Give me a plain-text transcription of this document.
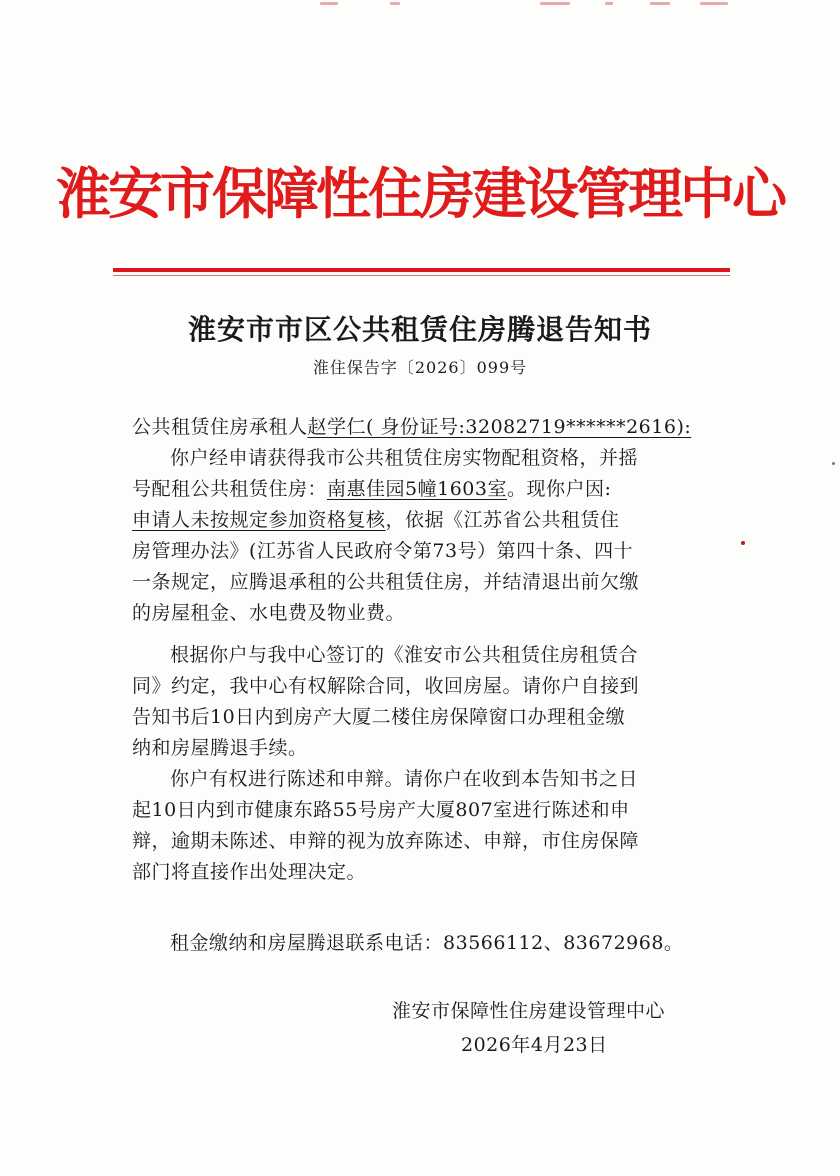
淮安市保障性住房建设管理中心
淮安市市区公共租赁住房腾退告知书
淮住保告字〔2026〕099号
公共租赁住房承租人赵学仁( 身份证号:32082719******2616):
你户经申请获得我市公共租赁住房实物配租资格，并摇
号配租公共租赁住房：南惠佳园5幢1603室。现你户因:
申请人未按规定参加资格复核，依据《江苏省公共租赁住
房管理办法》(江苏省人民政府令第73号）第四十条、四十
一条规定，应腾退承租的公共租赁住房，并结清退出前欠缴
的房屋租金、水电费及物业费。
根据你户与我中心签订的《淮安市公共租赁住房租赁合
同》约定，我中心有权解除合同，收回房屋。请你户自接到
告知书后10日内到房产大厦二楼住房保障窗口办理租金缴
纳和房屋腾退手续。
你户有权进行陈述和申辩。请你户在收到本告知书之日
起10日内到市健康东路55号房产大厦807室进行陈述和申
辩，逾期未陈述、申辩的视为放弃陈述、申辩，市住房保障
部门将直接作出处理决定。
租金缴纳和房屋腾退联系电话：83566112、83672968。
淮安市保障性住房建设管理中心
2026年4月23日
